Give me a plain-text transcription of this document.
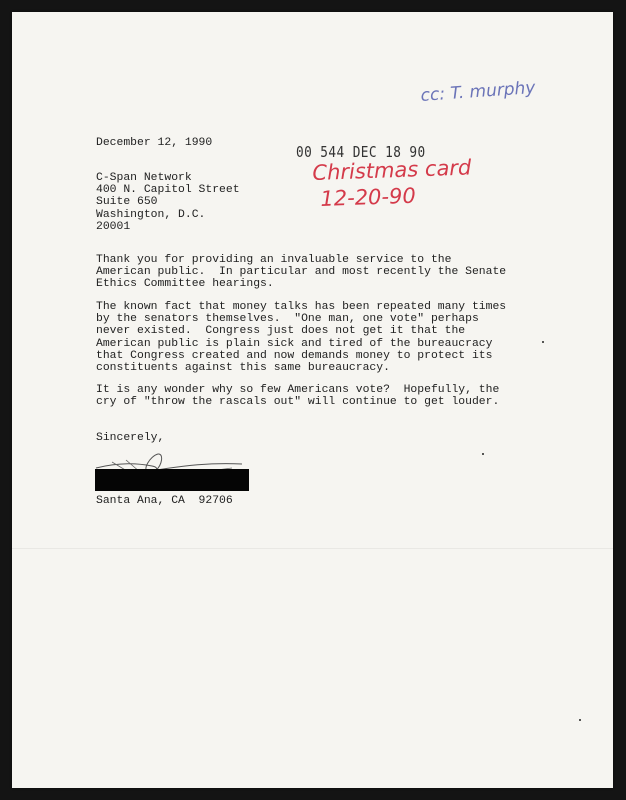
cc: T. murphy
00 544 DEC 18 90
Christmas card
12-20-90
December 12, 1990
C-Span Network
400 N. Capitol Street
Suite 650
Washington, D.C.
20001
Thank you for providing an invaluable service to the
American public.  In particular and most recently the Senate
Ethics Committee hearings.
The known fact that money talks has been repeated many times
by the senators themselves.  "One man, one vote" perhaps
never existed.  Congress just does not get it that the
American public is plain sick and tired of the bureaucracy
that Congress created and now demands money to protect its
constituents against this same bureaucracy.
It is any wonder why so few Americans vote?  Hopefully, the
cry of "throw the rascals out" will continue to get louder.
Sincerely,
Santa Ana, CA  92706
